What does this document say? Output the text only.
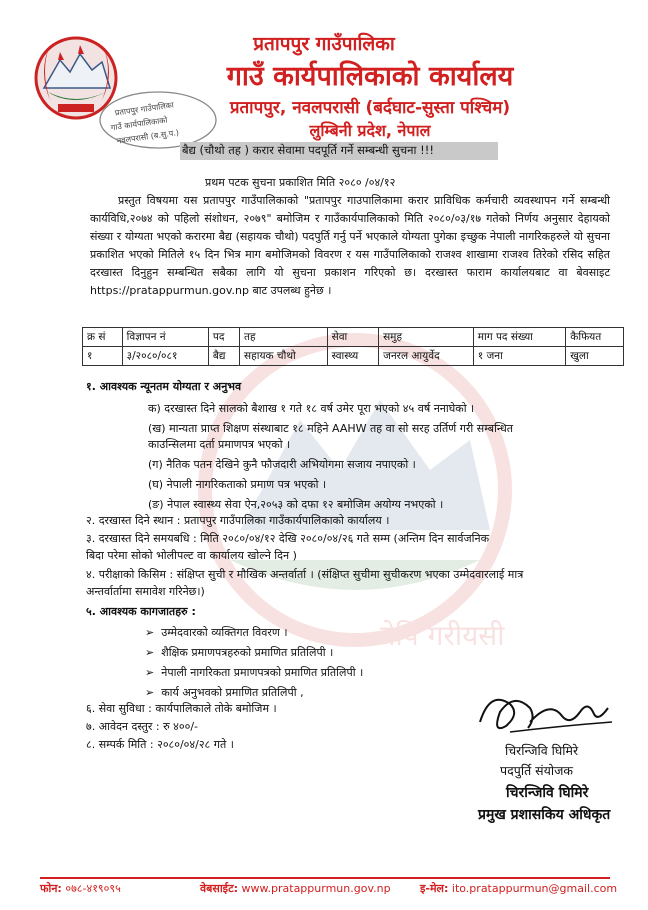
प्रतापपुर गाउँपालिका
गाउँ कार्यपालिकाको कार्यालय
प्रतापपुर, नवलपरासी (बर्दघाट-सुस्ता पश्चिम)
लुम्बिनी प्रदेश, नेपाल
प्रतापपुर गाउँपालिका
गाउँ कार्यपालिकाको
नवलपरासी (ब.सु.प.)
बैद्य (चौथो तह ) करार सेवामा पदपूर्ति गर्ने सम्बन्धी सुचना !!!
नेपि गरीयसी
प्रथम पटक सुचना प्रकाशित मिति २०८० /०४/१२
प्रस्तुत विषयमा यस प्रतापपुर गाउँपालिकाको "प्रतापपुर गाउपालिकामा करार प्राविधिक कर्मचारी व्यवस्थापन गर्ने सम्बन्धी कार्यविधि,२०७४ को पहिलो संशोधन, २०७९" बमोजिम र गाउँकार्यपालिकाको मिति २०८०/०३/१७ गतेको निर्णय अनुसार देहायको संख्या र योग्यता भएको करारमा बैद्य (सहायक चौथो) पदपुर्ति गर्नु पर्ने भएकाले योग्यता पुगेका इच्छुक नेपाली नागरिकहरुले यो सुचना प्रकाशित भएको मितिले १५ दिन भित्र माग बमोजिमको विवरण र यस गाउँपालिकाको राजश्व शाखामा राजश्व तिरेको रसिद सहित दरखास्त दिनुहुन सम्बन्धित सबैका लागि यो सुचना प्रकाशन गरिएको छ। दरखास्त फाराम कार्यालयबाट वा बेवसाइट https://pratappurmun.gov.np बाट उपलब्ध हुनेछ ।
क्र सं	विज्ञापन नं	पद	तह	सेवा	समुह	माग पद संख्या	कैफियत
१	३/२०८०/०८१	बैद्य	सहायक चौथो	स्वास्थ्य	जनरल आयुर्वेद	१ जना	खुला
१. आवश्यक न्यूनतम योग्यता र अनुभव
क) दरखास्त दिने सालको बैशाख १ गते १८ वर्ष उमेर पूरा भएको ४५ वर्ष ननाघेको ।
(ख) मान्यता प्राप्त शिक्षण संस्थाबाट १८ महिने AAHW तह वा सो सरह उर्तिर्ण गरी सम्बन्धित
काउन्सिलमा दर्ता प्रमाणपत्र भएको ।
(ग) नैतिक पतन देखिने कुनै फौजदारी अभियोगमा सजाय नपाएको ।
(घ) नेपाली नागरिकताको प्रमाण पत्र भएको ।
(ङ) नेपाल स्वास्थ्य सेवा ऐन,२०५३ को दफा १२ बमोजिम अयोग्य नभएको ।
२. दरखास्त दिने स्थान : प्रतापपुर गाउँपालिका गाउँकार्यपालिकाको कार्यालय ।
३. दरखास्त दिने समयबधि : मिति २०८०/०४/१२ देखि २०८०/०४/२६ गते सम्म (अन्तिम दिन सार्वजनिक
बिदा परेमा सोको भोलीपल्ट वा कार्यालय खोल्ने दिन )
४. परीक्षाको किसिम : संक्षिप्त सुची र मौखिक अन्तर्वार्ता । (संक्षिप्त सुचीमा सुचीकरण भएका उम्मेदवारलाई मात्र
अन्तर्वार्तामा समावेश गरिनेछ।)
५. आवश्यक कागजातहरु :
➢ उम्मेदवारको व्यक्तिगत विवरण ।
➢ शैक्षिक प्रमाणपत्रहरुको प्रमाणित प्रतिलिपी ।
➢ नेपाली नागरिकता प्रमाणपत्रको प्रमाणित प्रतिलिपी ।
➢ कार्य अनुभवको प्रमाणित प्रतिलिपी ,
६. सेवा सुविधा : कार्यपालिकाले तोके बमोजिम ।
७. आवेदन दस्तुर : रु ४००/-
८. सम्पर्क मिति : २०८०/०४/२८ गते ।	चिरन्जिवि घिमिरे
पदपुर्ति संयोजक
चिरन्जिवि घिमिरे
प्रमुख प्रशासकिय अधिकृत
फोन: ०७८-४१९०९५	वेबसाईट: www.pratappurmun.gov.np	इ-मेल: ito.pratappurmun@gmail.com
